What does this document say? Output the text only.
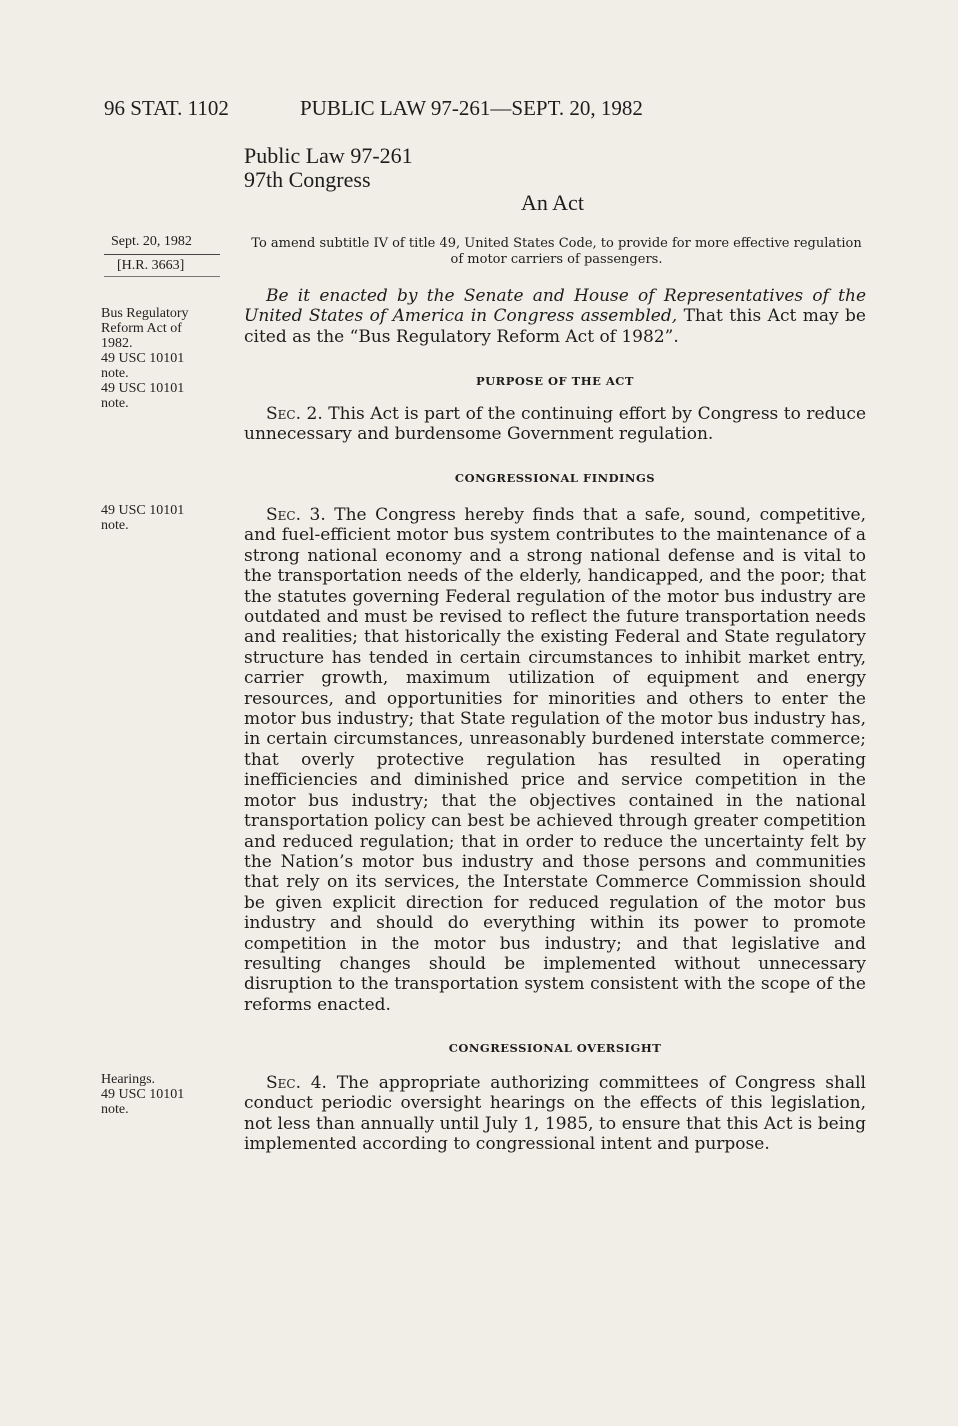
96 STAT. 1102	PUBLIC LAW 97-261—SEPT. 20, 1982
Public Law 97-261
97th Congress
An Act
Sept. 20, 1982
[H.R. 3663]
To amend subtitle IV of title 49, United States Code, to provide for more effective regulation of motor carriers of passengers.
Bus Regulatory
Reform Act of
1982.
49 USC 10101
note.
49 USC 10101
note.
Be it enacted by the Senate and House of Representatives of the United States of America in Congress assembled, That this Act may be cited as the “Bus Regulatory Reform Act of 1982”.
PURPOSE OF THE ACT
Sec. 2. This Act is part of the continuing effort by Congress to reduce unnecessary and burdensome Government regulation.
CONGRESSIONAL FINDINGS
49 USC 10101
note.
Sec. 3. The Congress hereby finds that a safe, sound, competitive, and fuel-efficient motor bus system contributes to the maintenance of a strong national economy and a strong national defense and is vital to the transportation needs of the elderly, handicapped, and the poor; that the statutes governing Federal regulation of the motor bus industry are outdated and must be revised to reflect the future transportation needs and realities; that historically the existing Federal and State regulatory structure has tended in certain circumstances to inhibit market entry, carrier growth, maximum utilization of equipment and energy resources, and opportunities for minorities and others to enter the motor bus industry; that State regulation of the motor bus industry has, in certain circumstances, unreasonably burdened interstate commerce; that overly protective regulation has resulted in operating inefficiencies and diminished price and service competition in the motor bus industry; that the objectives contained in the national transportation policy can best be achieved through greater competition and reduced regulation; that in order to reduce the uncertainty felt by the Nation’s motor bus industry and those persons and communities that rely on its services, the Interstate Commerce Commission should be given explicit direction for reduced regulation of the motor bus industry and should do everything within its power to promote competition in the motor bus industry; and that legislative and resulting changes should be implemented without unnecessary disruption to the transportation system consistent with the scope of the reforms enacted.
CONGRESSIONAL OVERSIGHT
Hearings.
49 USC 10101
note.
Sec. 4. The appropriate authorizing committees of Congress shall conduct periodic oversight hearings on the effects of this legislation, not less than annually until July 1, 1985, to ensure that this Act is being implemented according to congressional intent and purpose.
